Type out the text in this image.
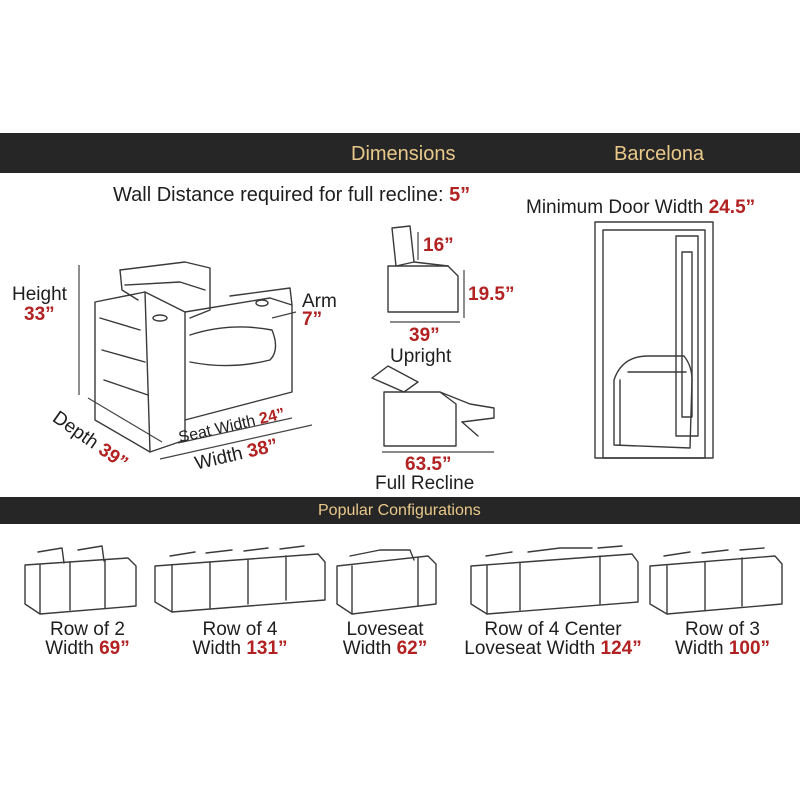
Dimensions	Barcelona
Wall Distance required for full recline: 5”
Height
33”
Arm
7”
Depth 39”
Seat Width 24”
Width 38”
16”
19.5”
39”
Upright
63.5”
Full Recline
Minimum Door Width 24.5”
Popular Configurations
Row of 2
Width 69”
Row of 4
Width 131”
Loveseat
Width 62”
Row of 4 Center
Loveseat Width 124”
Row of 3
Width 100”
